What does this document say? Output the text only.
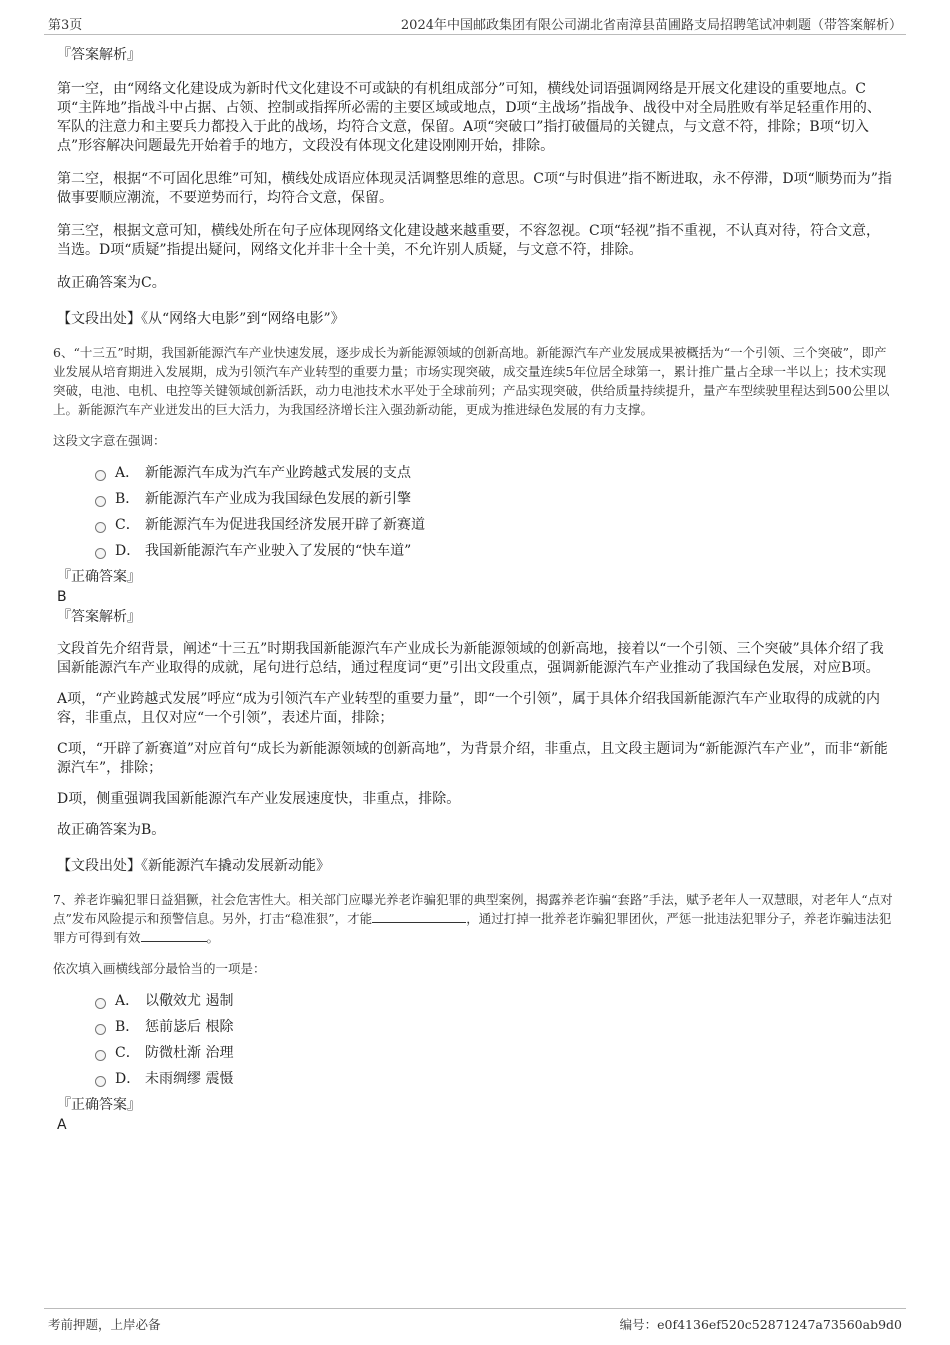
第3页	2024年中国邮政集团有限公司湖北省南漳县苗圃路支局招聘笔试冲刺题（带答案解析）

『答案解析』

第一空，由“网络文化建设成为新时代文化建设不可或缺的有机组成部分”可知，横线处词语强调网络是开展文化建设的重要地点。C项“主阵地”指战斗中占据、占领、控制或指挥所必需的主要区域或地点，D项“主战场”指战争、战役中对全局胜败有举足轻重作用的、军队的注意力和主要兵力都投入于此的战场，均符合文意，保留。A项“突破口”指打破僵局的关键点，与文意不符，排除；B项“切入点”形容解决问题最先开始着手的地方，文段没有体现文化建设刚刚开始，排除。

第二空，根据“不可固化思维”可知，横线处成语应体现灵活调整思维的意思。C项“与时俱进”指不断进取，永不停滞，D项“顺势而为”指做事要顺应潮流，不要逆势而行，均符合文意，保留。

第三空，根据文意可知，横线处所在句子应体现网络文化建设越来越重要，不容忽视。C项“轻视”指不重视，不认真对待，符合文意，当选。D项“质疑”指提出疑问，网络文化并非十全十美，不允许别人质疑，与文意不符，排除。

故正确答案为C。

【文段出处】《从“网络大电影”到“网络电影”》

6、“十三五”时期，我国新能源汽车产业快速发展，逐步成长为新能源领域的创新高地。新能源汽车产业发展成果被概括为“一个引领、三个突破”，即产业发展从培育期进入发展期，成为引领汽车产业转型的重要力量；市场实现突破，成交量连续5年位居全球第一，累计推广量占全球一半以上；技术实现突破，电池、电机、电控等关键领域创新活跃，动力电池技术水平处于全球前列；产品实现突破，供给质量持续提升，量产车型续驶里程达到500公里以上。新能源汽车产业迸发出的巨大活力，为我国经济增长注入强劲新动能，更成为推进绿色发展的有力支撑。

这段文字意在强调：

A． 新能源汽车成为汽车产业跨越式发展的支点
B． 新能源汽车产业成为我国绿色发展的新引擎
C． 新能源汽车为促进我国经济发展开辟了新赛道
D． 我国新能源汽车产业驶入了发展的“快车道”

『正确答案』

B

『答案解析』

文段首先介绍背景，阐述“十三五”时期我国新能源汽车产业成长为新能源领域的创新高地，接着以“一个引领、三个突破”具体介绍了我国新能源汽车产业取得的成就，尾句进行总结，通过程度词“更”引出文段重点，强调新能源汽车产业推动了我国绿色发展，对应B项。

A项，“产业跨越式发展”呼应“成为引领汽车产业转型的重要力量”，即“一个引领”，属于具体介绍我国新能源汽车产业取得的成就的内容，非重点，且仅对应“一个引领”，表述片面，排除；

C项，“开辟了新赛道”对应首句“成长为新能源领域的创新高地”，为背景介绍，非重点，且文段主题词为“新能源汽车产业”，而非“新能源汽车”，排除；

D项，侧重强调我国新能源汽车产业发展速度快，非重点，排除。

故正确答案为B。

【文段出处】《新能源汽车撬动发展新动能》

7、养老诈骗犯罪日益猖獗，社会危害性大。相关部门应曝光养老诈骗犯罪的典型案例，揭露养老诈骗“套路”手法，赋予老年人一双慧眼，对老年人“点对点”发布风险提示和预警信息。另外，打击“稳准狠”，才能	，通过打掉一批养老诈骗犯罪团伙，严惩一批违法犯罪分子，养老诈骗违法犯罪方可得到有效	。

依次填入画横线部分最恰当的一项是：

A． 以儆效尤 遏制
B． 惩前毖后 根除
C． 防微杜渐 治理
D． 未雨绸缪 震慑

『正确答案』

A

考前押题，上岸必备	编号：e0f4136ef520c52871247a73560ab9d0
